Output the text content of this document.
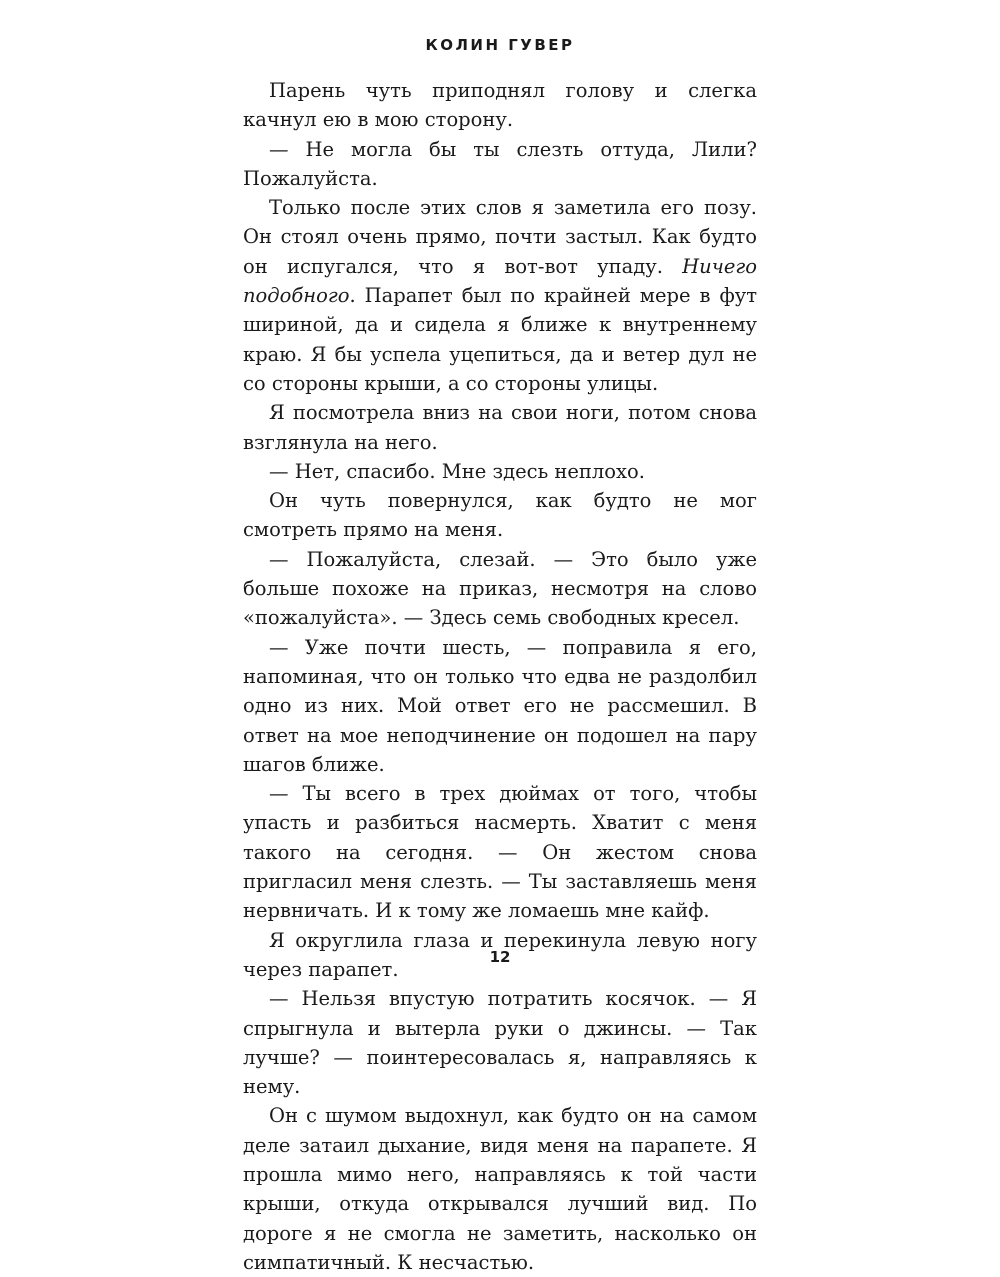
КОЛИН ГУВЕР

Парень чуть приподнял голову и слегка качнул ею в мою сторону.

— Не могла бы ты слезть оттуда, Лили? Пожалуйста.

Только после этих слов я заметила его позу. Он стоял очень прямо, почти застыл. Как будто он испугался, что я вот-вот упаду. Ничего подобного. Парапет был по крайней мере в фут шириной, да и сидела я ближе к внутреннему краю. Я бы успела уцепиться, да и ветер дул не со стороны крыши, а со стороны улицы.

Я посмотрела вниз на свои ноги, потом снова взглянула на него.

— Нет, спасибо. Мне здесь неплохо.

Он чуть повернулся, как будто не мог смотреть прямо на меня.

— Пожалуйста, слезай. — Это было уже больше похоже на приказ, несмотря на слово «пожалуйста». — Здесь семь свободных кресел.

— Уже почти шесть, — поправила я его, напоминая, что он только что едва не раздолбил одно из них. Мой ответ его не рассмешил. В ответ на мое неподчинение он подошел на пару шагов ближе.

— Ты всего в трех дюймах от того, чтобы упасть и разбиться насмерть. Хватит с меня такого на сегодня. — Он жестом снова пригласил меня слезть. — Ты заставляешь меня нервничать. И к тому же ломаешь мне кайф.

Я округлила глаза и перекинула левую ногу через парапет.

— Нельзя впустую потратить косячок. — Я спрыгнула и вытерла руки о джинсы. — Так лучше? — поинтересовалась я, направляясь к нему.

Он с шумом выдохнул, как будто он на самом деле затаил дыхание, видя меня на парапете. Я прошла мимо него, направляясь к той части крыши, откуда открывался лучший вид. По дороге я не смогла не заметить, насколько он симпатичный. К несчастью.

12
